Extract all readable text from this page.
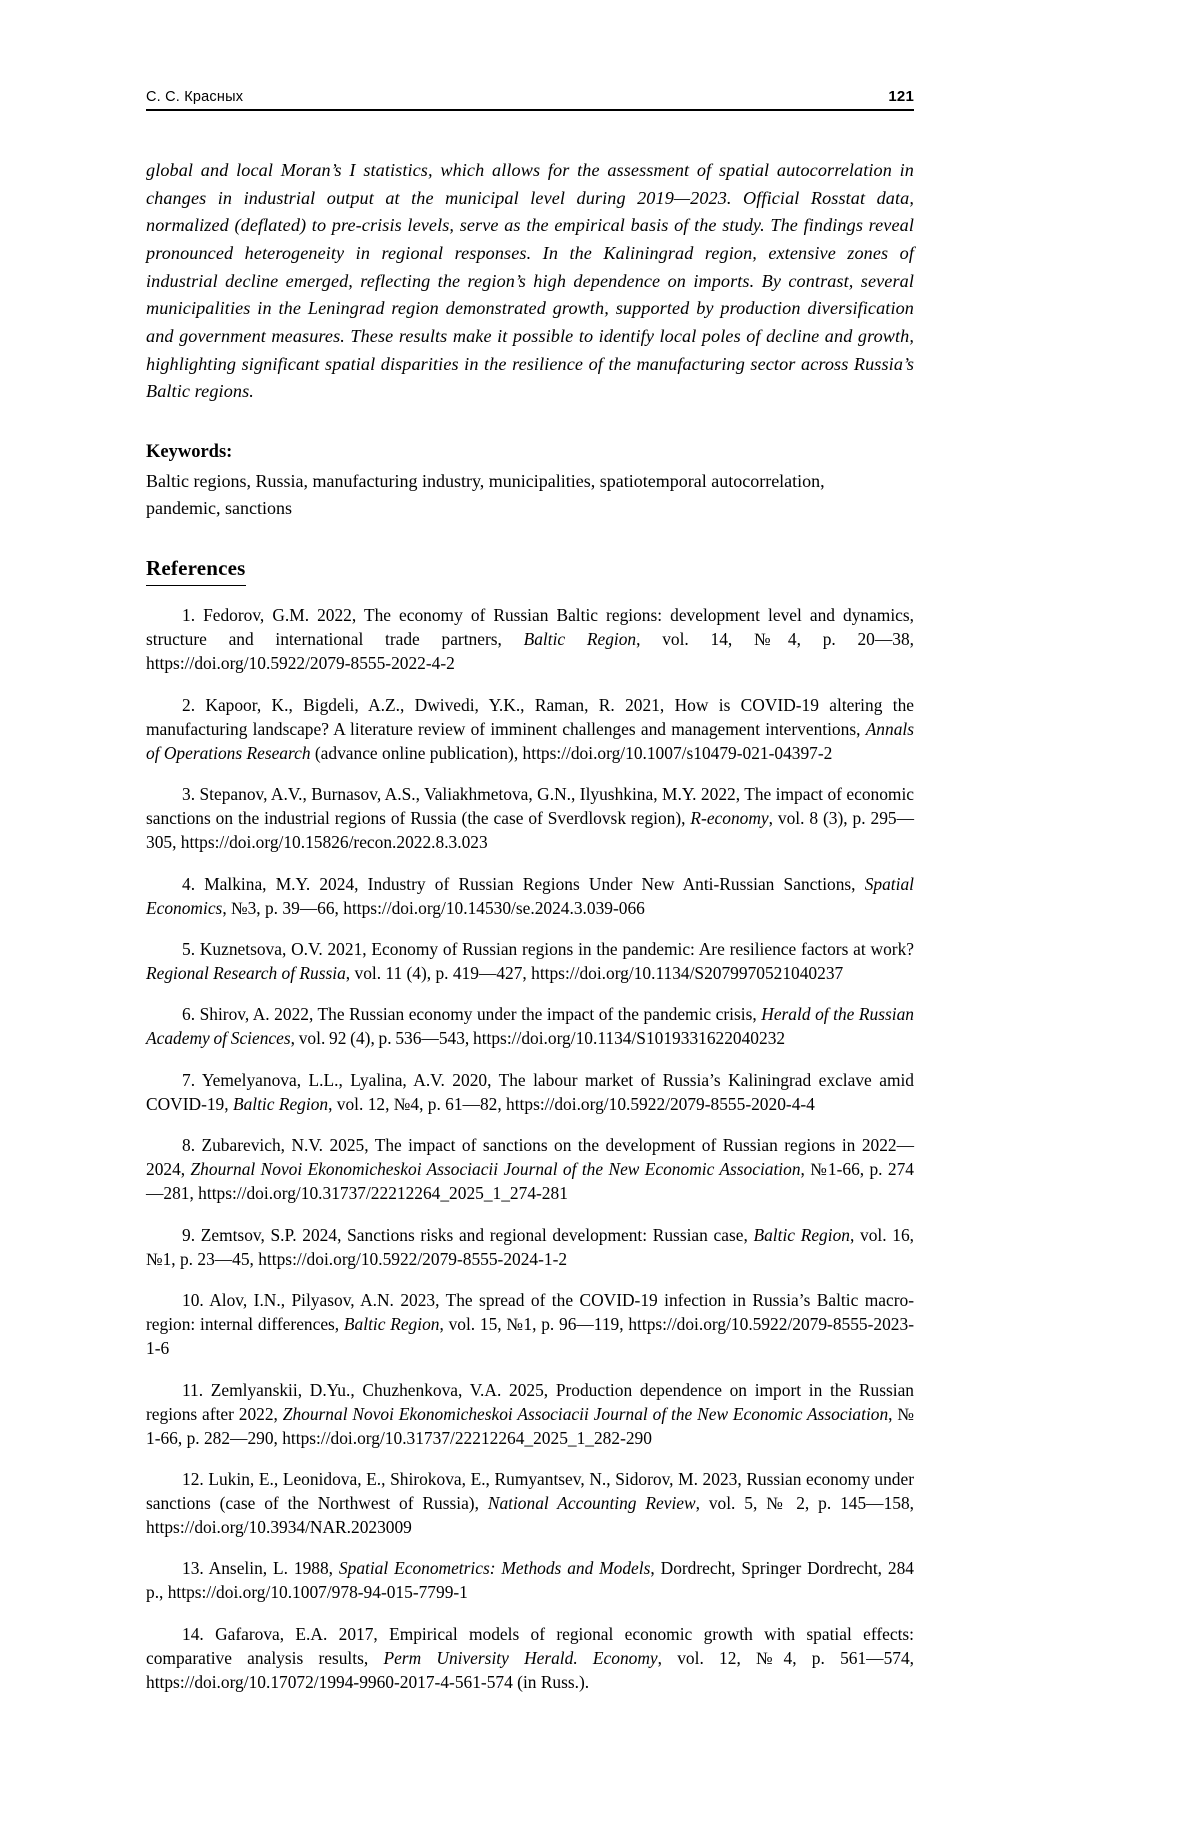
С. С. Красных	121

global and local Moran’s I statistics, which allows for the assessment of spatial autocorrelation in changes in industrial output at the municipal level during 2019—2023. Official Rosstat data, normalized (deflated) to pre-crisis levels, serve as the empirical basis of the study. The findings reveal pronounced heterogeneity in regional responses. In the Kaliningrad region, extensive zones of industrial decline emerged, reflecting the region’s high dependence on imports. By contrast, several municipalities in the Leningrad region demonstrated growth, supported by production diversification and government measures. These results make it possible to identify local poles of decline and growth, highlighting significant spatial disparities in the resilience of the manufacturing sector across Russia’s Baltic regions.

Keywords:
Baltic regions, Russia, manufacturing industry, municipalities, spatiotemporal autocorrelation, pandemic, sanctions
References

1. Fedorov, G.M. 2022, The economy of Russian Baltic regions: development level and dynamics, structure and international trade partners, Baltic Region, vol. 14, №4, p. 20—38, https://doi.org/10.5922/2079-8555-2022-4-2

2. Kapoor, K., Bigdeli, A.Z., Dwivedi, Y.K., Raman, R. 2021, How is COVID-19 altering the manufacturing landscape? A literature review of imminent challenges and management interventions, Annals of Operations Research (advance online publication), https://doi.org/10.1007/s10479-021-04397-2

3. Stepanov, A.V., Burnasov, A.S., Valiakhmetova, G.N., Ilyushkina, M.Y. 2022, The impact of economic sanctions on the industrial regions of Russia (the case of Sverdlovsk region), R-economy, vol. 8 (3), p. 295—305, https://doi.org/10.15826/recon.2022.8.3.023

4. Malkina, M.Y. 2024, Industry of Russian Regions Under New Anti-Russian Sanctions, Spatial Economics, №3, p. 39—66, https://doi.org/10.14530/se.2024.3.039-066

5. Kuznetsova, O.V. 2021, Economy of Russian regions in the pandemic: Are resilience factors at work? Regional Research of Russia, vol. 11 (4), p. 419—427, https://doi.org/10.1134/S2079970521040237

6. Shirov, A. 2022, The Russian economy under the impact of the pandemic crisis, Herald of the Russian Academy of Sciences, vol. 92 (4), p. 536—543, https://doi.org/10.1134/S1019331622040232

7. Yemelyanova, L.L., Lyalina, A.V. 2020, The labour market of Russia’s Kaliningrad exclave amid COVID-19, Baltic Region, vol. 12, №4, p. 61—82, https://doi.org/10.5922/2079-8555-2020-4-4

8. Zubarevich, N.V. 2025, The impact of sanctions on the development of Russian regions in 2022—2024, Zhournal Novoi Ekonomicheskoi Associacii Journal of the New Economic Association, №1-66, p. 274—281, https://doi.org/10.31737/22212264_2025_1_274-281

9. Zemtsov, S.P. 2024, Sanctions risks and regional development: Russian case, Baltic Region, vol. 16, №1, p. 23—45, https://doi.org/10.5922/2079-8555-2024-1-2

10. Alov, I.N., Pilyasov, A.N. 2023, The spread of the COVID-19 infection in Russia’s Baltic macro-region: internal differences, Baltic Region, vol. 15, №1, p. 96—119, https://doi.org/10.5922/2079-8555-2023-1-6

11. Zemlyanskii, D.Yu., Chuzhenkova, V.A. 2025, Production dependence on import in the Russian regions after 2022, Zhournal Novoi Ekonomicheskoi Associacii Journal of the New Economic Association, № 1-66, p. 282—290, https://doi.org/10.31737/22212264_2025_1_282-290

12. Lukin, E., Leonidova, E., Shirokova, E., Rumyantsev, N., Sidorov, M. 2023, Russian economy under sanctions (case of the Northwest of Russia), National Accounting Review, vol. 5, № 2, p. 145—158, https://doi.org/10.3934/NAR.2023009

13. Anselin, L. 1988, Spatial Econometrics: Methods and Models, Dordrecht, Springer Dordrecht, 284 p., https://doi.org/10.1007/978-94-015-7799-1

14. Gafarova, E.A. 2017, Empirical models of regional economic growth with spatial effects: comparative analysis results, Perm University Herald. Economy, vol. 12, №4, p. 561—574, https://doi.org/10.17072/1994-9960-2017-4-561-574 (in Russ.).
